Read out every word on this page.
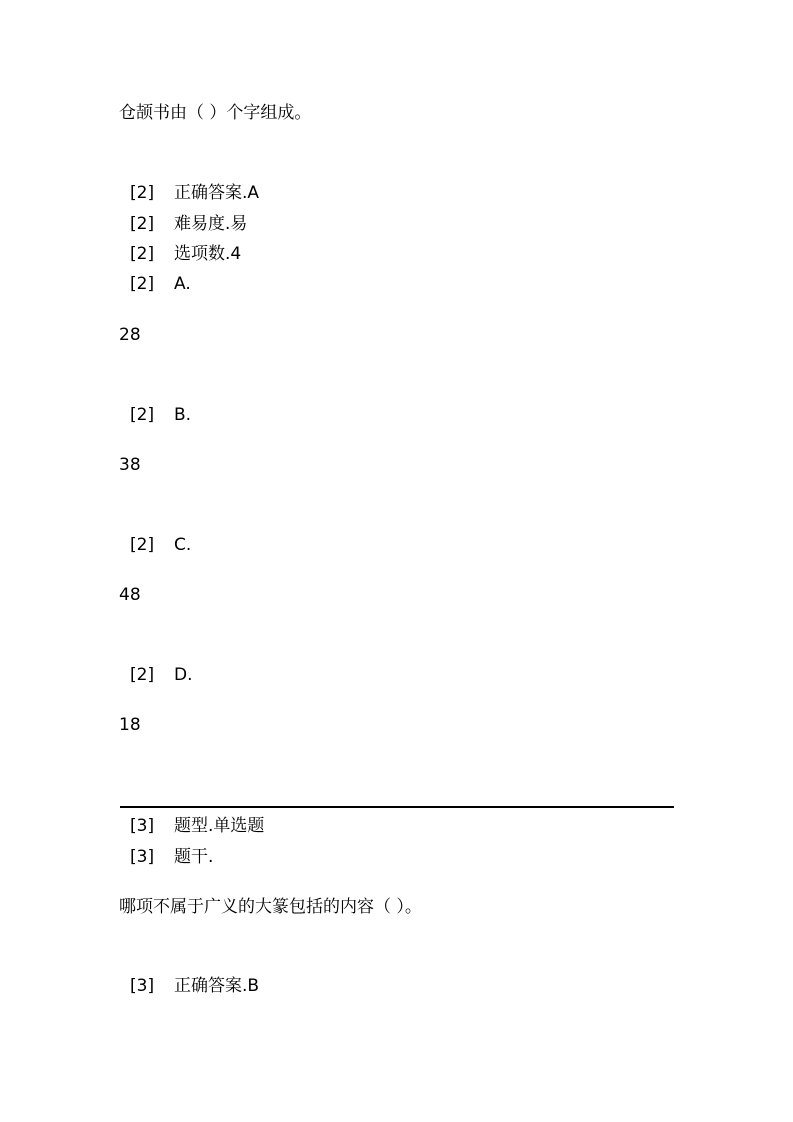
仓颉书由（ ）个字组成。
[2] 正确答案.A
[2] 难易度.易
[2] 选项数.4
[2] A.
28
[2] B.
38
[2] C.
48
[2] D.
18
[3] 题型.单选题
[3] 题干.
哪项不属于广义的大篆包括的内容（ ）。
[3] 正确答案.B
